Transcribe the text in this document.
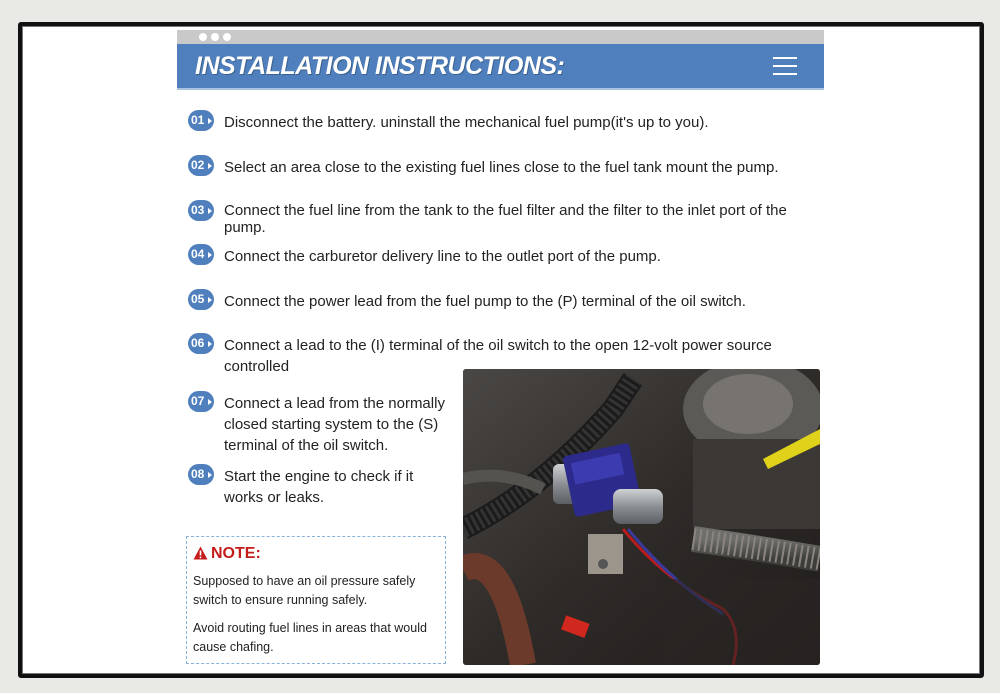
INSTALLATION INSTRUCTIONS:
01	Disconnect the battery. uninstall the mechanical fuel pump(it's up to you).
02	Select an area close to the existing fuel lines close to the fuel tank mount the pump.
03	Connect the fuel line from the tank to the fuel filter and the filter to the inlet port of the pump.
04	Connect the carburetor delivery line to the outlet port of the pump.
05	Connect the power lead from the fuel pump to the (P) terminal of the oil switch.
06	Connect a lead to the (I) terminal of the oil switch to the open 12-volt power source controlled
07	Connect a lead from the normally closed starting system to the (S) terminal of the oil switch.
08	Start the engine to check if it works or leaks.
NOTE:
Supposed to have an oil pressure safely switch to ensure running safely.
Avoid routing fuel lines in areas that would cause chafing.
